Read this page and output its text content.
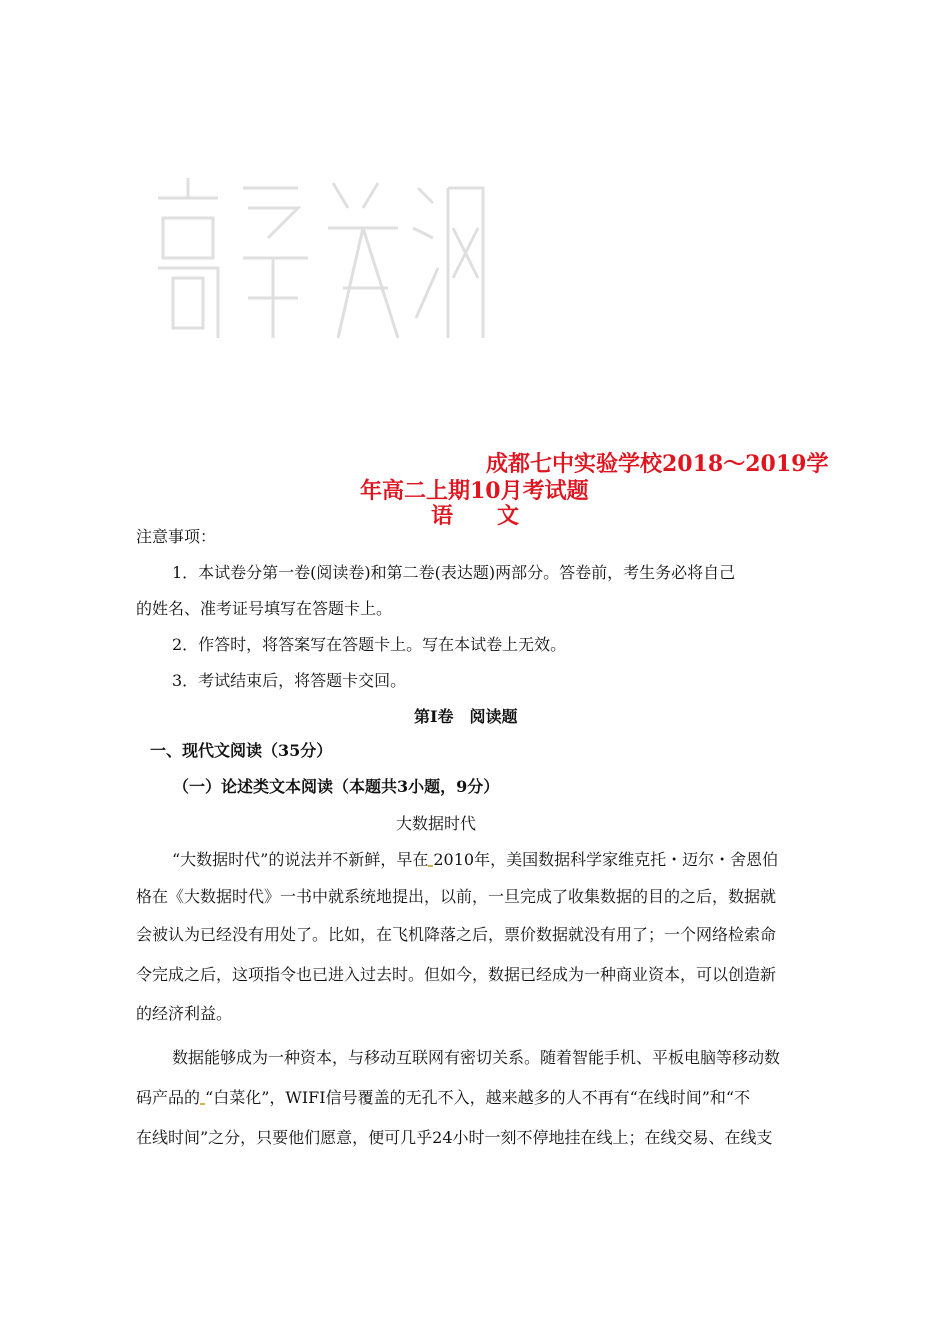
成都七中实验学校2018～2019学
年高二上期10月考试题
语文
注意事项：
1．本试卷分第一卷(阅读卷)和第二卷(表达题)两部分。答卷前，考生务必将自己
的姓名、准考证号填写在答题卡上。
2．作答时，将答案写在答题卡上。写在本试卷上无效。
3．考试结束后，将答题卡交回。
第Ⅰ卷　阅读题
一、现代文阅读（35分）
（一）论述类文本阅读（本题共3小题，9分）
大数据时代
“大数据时代”的说法并不新鲜，早在 2010年，美国数据科学家维克托・迈尔・舍恩伯
格在《大数据时代》一书中就系统地提出，以前，一旦完成了收集数据的目的之后，数据就
会被认为已经没有用处了。比如，在飞机降落之后，票价数据就没有用了；一个网络检索命
令完成之后，这项指令也已进入过去时。但如今，数据已经成为一种商业资本，可以创造新
的经济利益。
数据能够成为一种资本，与移动互联网有密切关系。随着智能手机、平板电脑等移动数
码产品的 “白菜化”，WIFI信号覆盖的无孔不入，越来越多的人不再有“在线时间”和“不
在线时间”之分，只要他们愿意，便可几乎24小时一刻不停地挂在线上；在线交易、在线支
